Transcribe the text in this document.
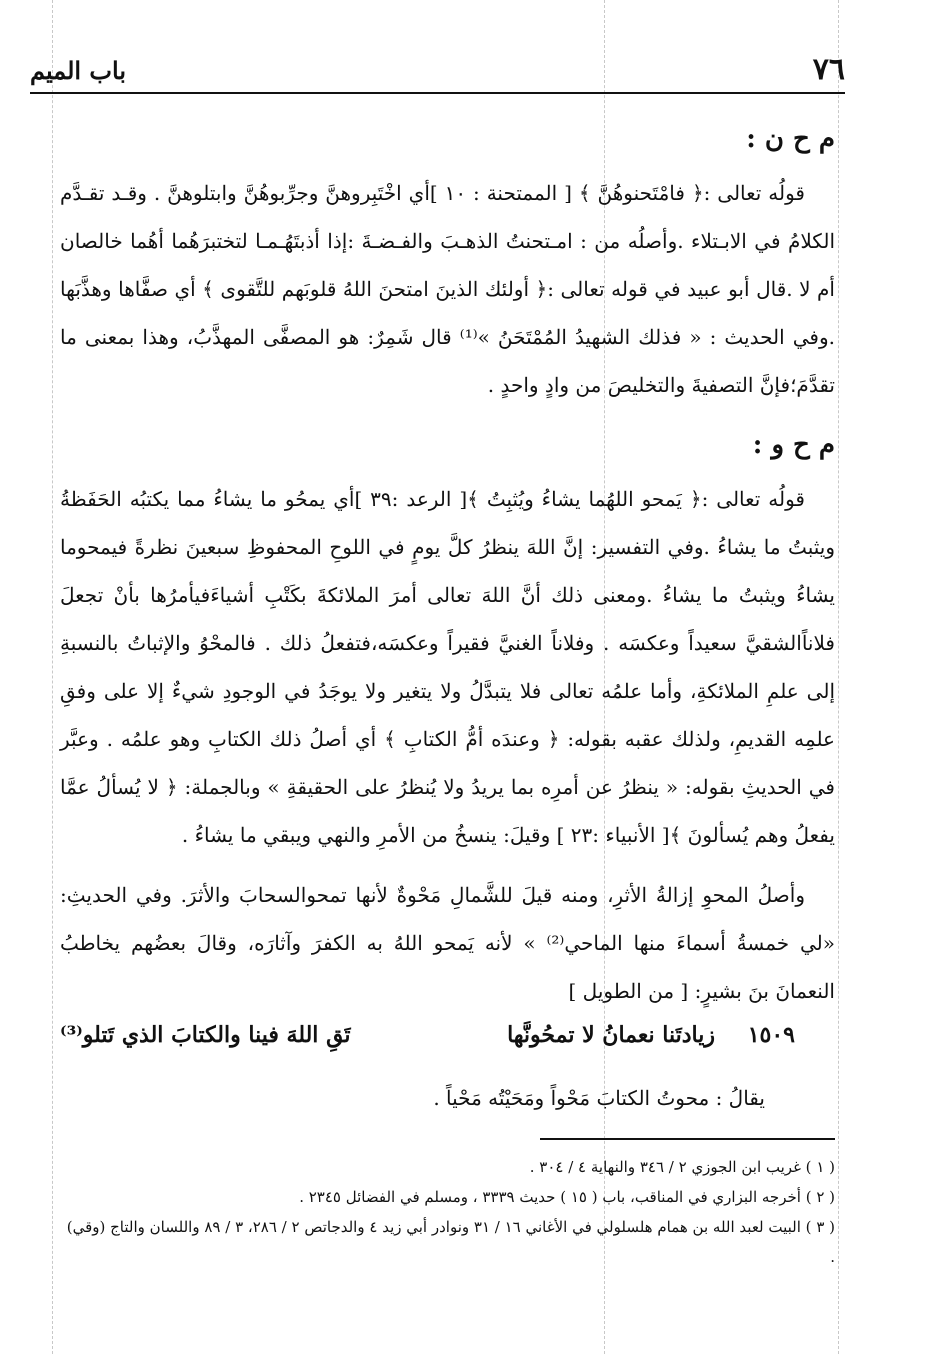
٧٦
باب الميم

م ح ن :

قولُه تعالى :﴿ فامْتَحنوهُنَّ ﴾ [ الممتحنة : ١٠ ]أي اخْتَبِروهنَّ وجرِّبوهُنَّ وابتلوهنَّ . وقـد تقـدَّم الكلامُ في الابـتلاء .وأصلُه من : امـتحنتُ الذهـبَ والفـضـةَ :إذا أذبتَهُـمـا لتختبرَهُما أهُما خالصان أم لا .قال أبو عبيد في قوله تعالى :﴿ أولئك الذينَ امتحنَ اللهُ قلوبَهم للتَّقوى ﴾ أي صفَّاها وهذَّبَها .وفي الحديث : « فذلك الشهيدُ المُمْتَحَنُ »⁽¹⁾ قال شَمِرٌ: هو المصفَّى المهذَّبُ، وهذا بمعنى ما تقدَّمَ؛فإنَّ التصفيةَ والتخليصَ من وادٍ واحدٍ .

م ح و :

قولُه تعالى :﴿ يَمحو اللهُما يشاءُ ويُثبِتُ ﴾[ الرعد :٣٩ ]أي يمحُو ما يشاءُ مما يكتبُه الحَفَظةُ ويثبتُ ما يشاءُ .وفي التفسير: إنَّ اللهَ ينظرُ كلَّ يومٍ في اللوحِ المحفوظِ سبعينَ نظرةً فيمحوما يشاءُ ويثبتُ ما يشاءُ .ومعنى ذلك أنَّ اللهَ تعالى أمرَ الملائكةَ بكَتْبِ أشياءَفيأمرُها بأنْ تجعلَ فلاناًالشقيَّ سعيداً وعكسَه . وفلاناً الغنيَّ فقيراً وعكسَه،فتفعلُ ذلك . فالمحْوُ والإثباتُ بالنسبةِ إلى علمِ الملائكةِ، وأما علمُه تعالى فلا يتبدَّلُ ولا يتغير ولا يوجَدُ في الوجودِ شيءٌ إلا على وفقِ علمِه القديمِ، ولذلك عقبه بقوله: ﴿ وعندَه أمُّ الكتابِ ﴾ أي أصلُ ذلك الكتابِ وهو علمُه . وعبَّر في الحديثِ بقوله: « ينظرُ عن أمرِه بما يريدُ ولا يُنظرُ على الحقيقةِ » وبالجملة: ﴿ لا يُسألُ عمَّا يفعلُ وهم يُسألونَ ﴾[ الأنبياء :٢٣ ] وقيلَ: ينسخُ من الأمرِ والنهي ويبقي ما يشاءُ .

وأصلُ المحوِ إزالةُ الأثرِ، ومنه قيلَ للشَّمالِ مَحْوةٌ لأنها تمحوالسحابَ والأثرَ. وفي الحديثِ: «لي خمسةُ أسماءَ منها الماحي⁽²⁾ » لأنه يَمحو اللهُ به الكفرَ وآثارَه، وقالَ بعضُهم يخاطبُ النعمانَ بنَ بشيرٍ: [ من الطويل ]

١٥٠٩
زيادتَنا نعمانُ لا تمحُونَّها
تَقِ اللهَ فينا والكتابَ الذي تَتلو⁽³⁾
يقالُ : محوتُ الكتابَ مَحْواً ومَحَيْتُه مَحْياً .

( ١ ) غريب ابن الجوزي ٢ / ٣٤٦ والنهاية ٤ / ٣٠٤ .

( ٢ ) أخرجه البزاري في المناقب، باب ( ١٥ ) حديث ٣٣٣٩ ، ومسلم في الفضائل ٢٣٤٥ .

( ٣ ) البيت لعبد الله بن همام هلسلولي في الأغاني ١٦ / ٣١ ونوادر أبي زيد ٤ والدجاتص ٢ / ٢٨٦، ٣ / ٨٩ واللسان والتاج (وقي) .
